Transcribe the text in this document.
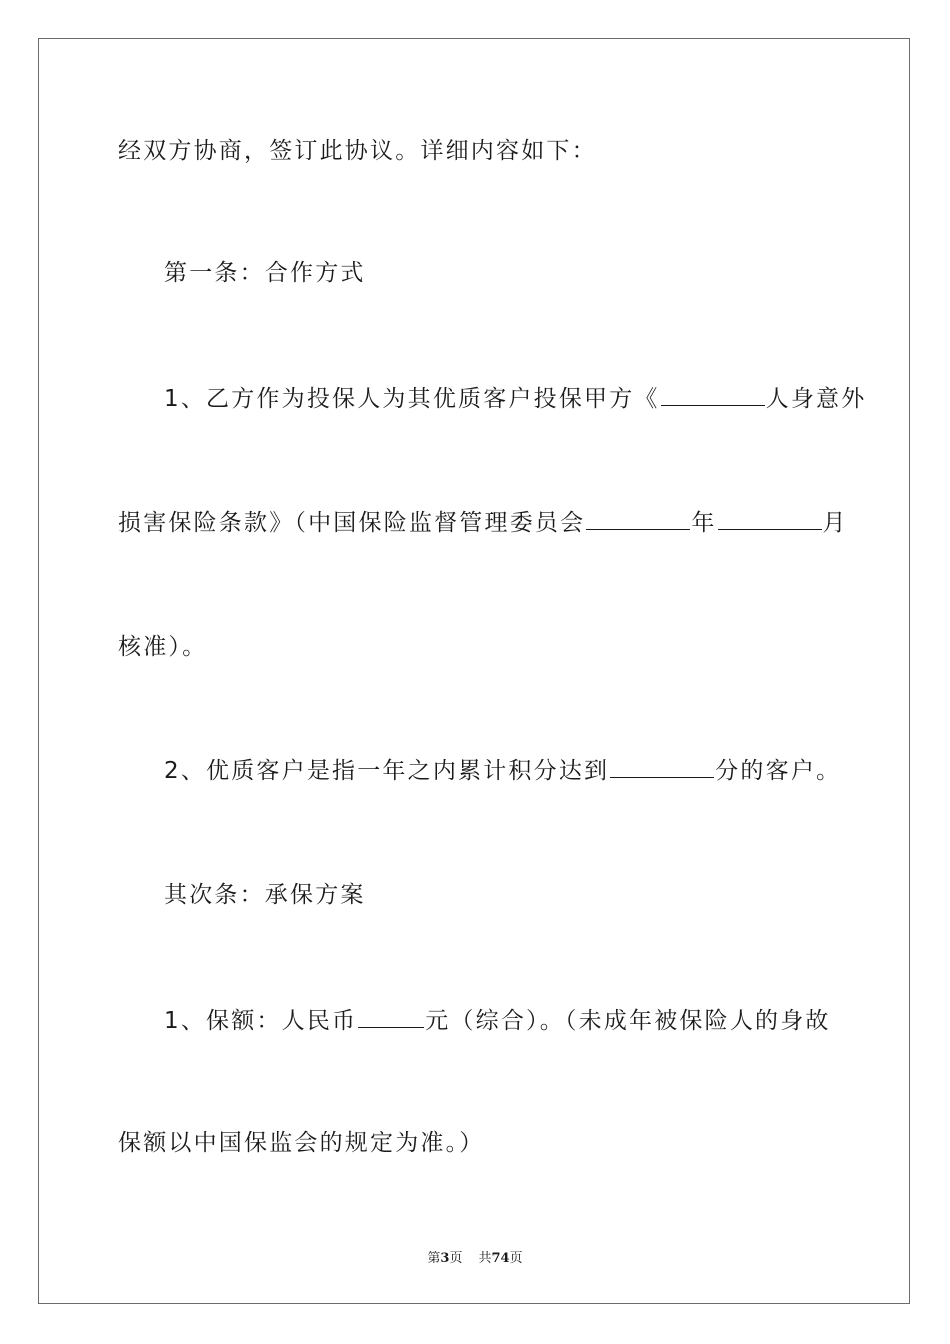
经双方协商，签订此协议。详细内容如下：
第一条：合作方式
1、乙方作为投保人为其优质客户投保甲方《	人身意外
损害保险条款》（中国保险监督管理委员会	年	月
核准）。
2、优质客户是指一年之内累计积分达到	分的客户。
其次条：承保方案
1、保额：人民币	元（综合）。（未成年被保险人的身故
保额以中国保监会的规定为准。）
第3页 共74页
